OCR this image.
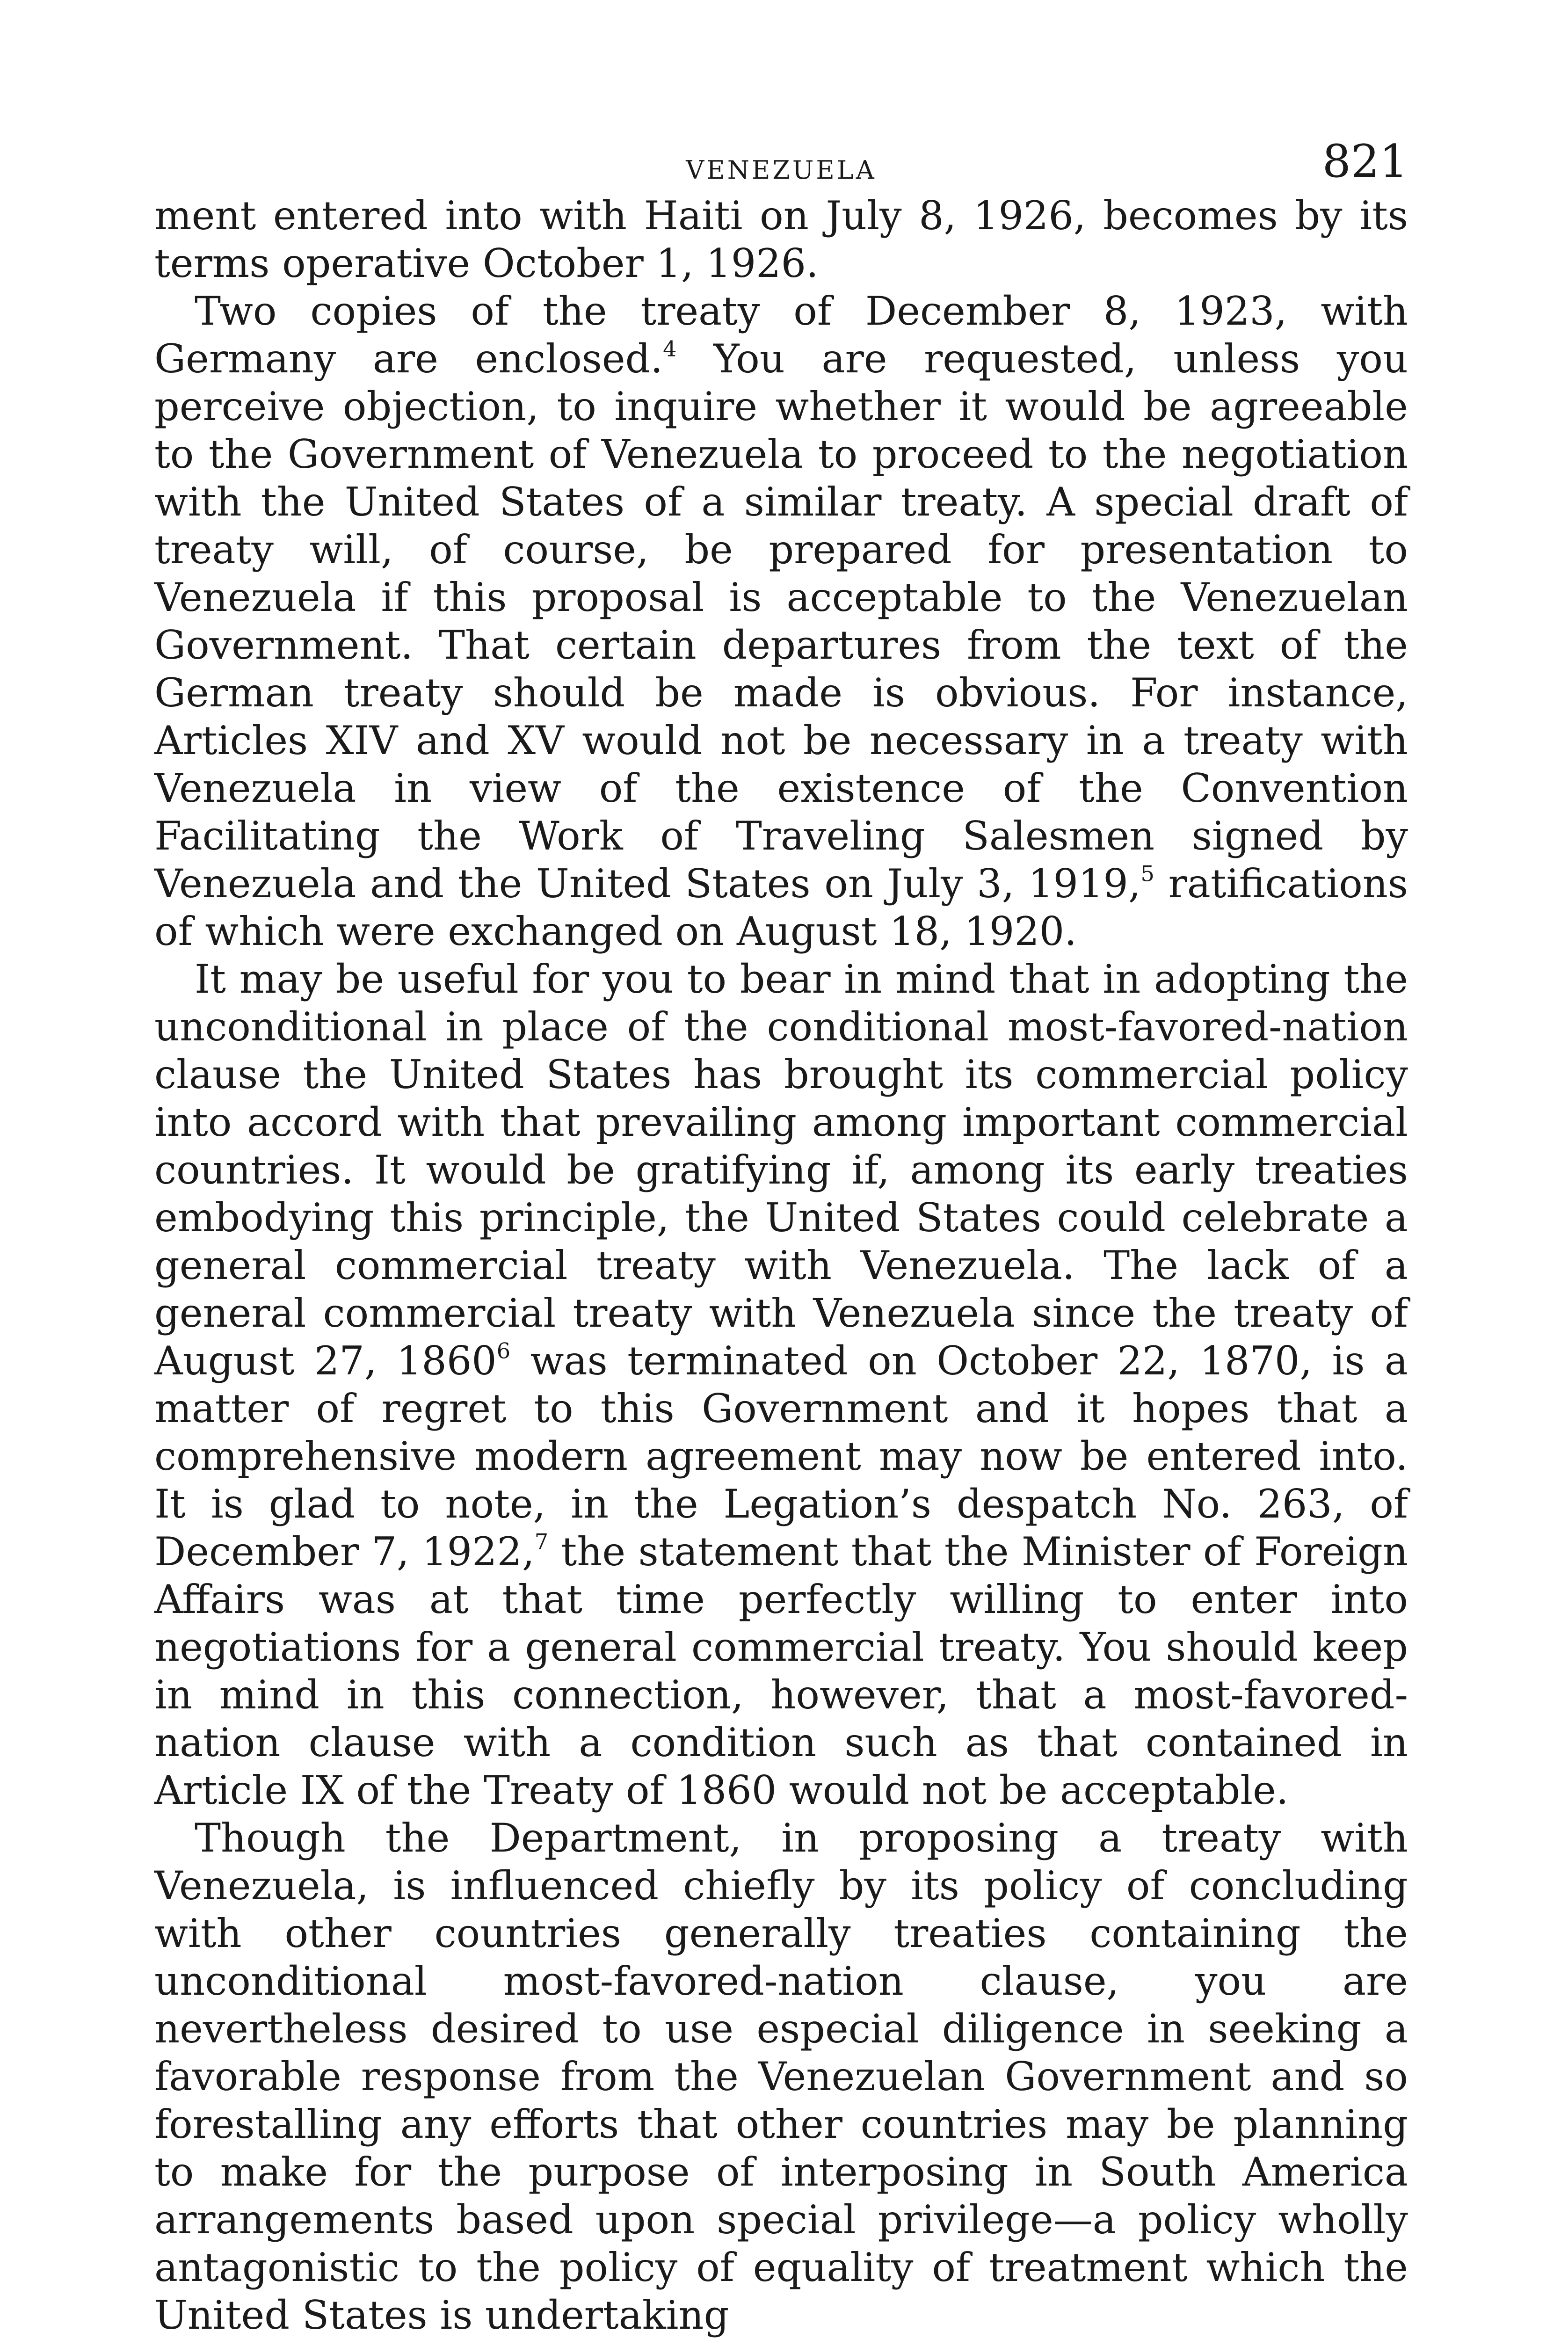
VENEZUELA	821

ment entered into with Haiti on July 8, 1926, becomes by its terms operative October 1, 1926.

Two copies of the treaty of December 8, 1923, with Germany are enclosed.$^4$ You are requested, unless you perceive objection, to inquire whether it would be agreeable to the Government of Venezuela to proceed to the negotiation with the United States of a similar treaty. A special draft of treaty will, of course, be prepared for presentation to Venezuela if this proposal is acceptable to the Venezuelan Government. That certain departures from the text of the German treaty should be made is obvious. For instance, Articles XIV and XV would not be necessary in a treaty with Venezuela in view of the existence of the Convention Facilitating the Work of Traveling Salesmen signed by Venezuela and the United States on July 3, 1919,$^5$ ratifications of which were exchanged on August 18, 1920.

It may be useful for you to bear in mind that in adopting the unconditional in place of the conditional most-favored-nation clause the United States has brought its commercial policy into accord with that prevailing among important commercial countries. It would be gratifying if, among its early treaties embodying this principle, the United States could celebrate a general commercial treaty with Venezuela. The lack of a general commercial treaty with Venezuela since the treaty of August 27, 1860$^6$ was terminated on October 22, 1870, is a matter of regret to this Government and it hopes that a comprehensive modern agreement may now be entered into. It is glad to note, in the Legation’s despatch No. 263, of December 7, 1922,$^7$ the statement that the Minister of Foreign Affairs was at that time perfectly willing to enter into negotiations for a general commercial treaty. You should keep in mind in this connection, however, that a most-favored-nation clause with a condition such as that contained in Article IX of the Treaty of 1860 would not be acceptable.

Though the Department, in proposing a treaty with Venezuela, is influenced chiefly by its policy of concluding with other countries generally treaties containing the unconditional most-favored-nation clause, you are nevertheless desired to use especial diligence in seeking a favorable response from the Venezuelan Government and so forestalling any efforts that other countries may be planning to make for the purpose of interposing in South America arrangements based upon special privilege—a policy wholly antagonistic to the policy of equality of treatment which the United States is undertaking
